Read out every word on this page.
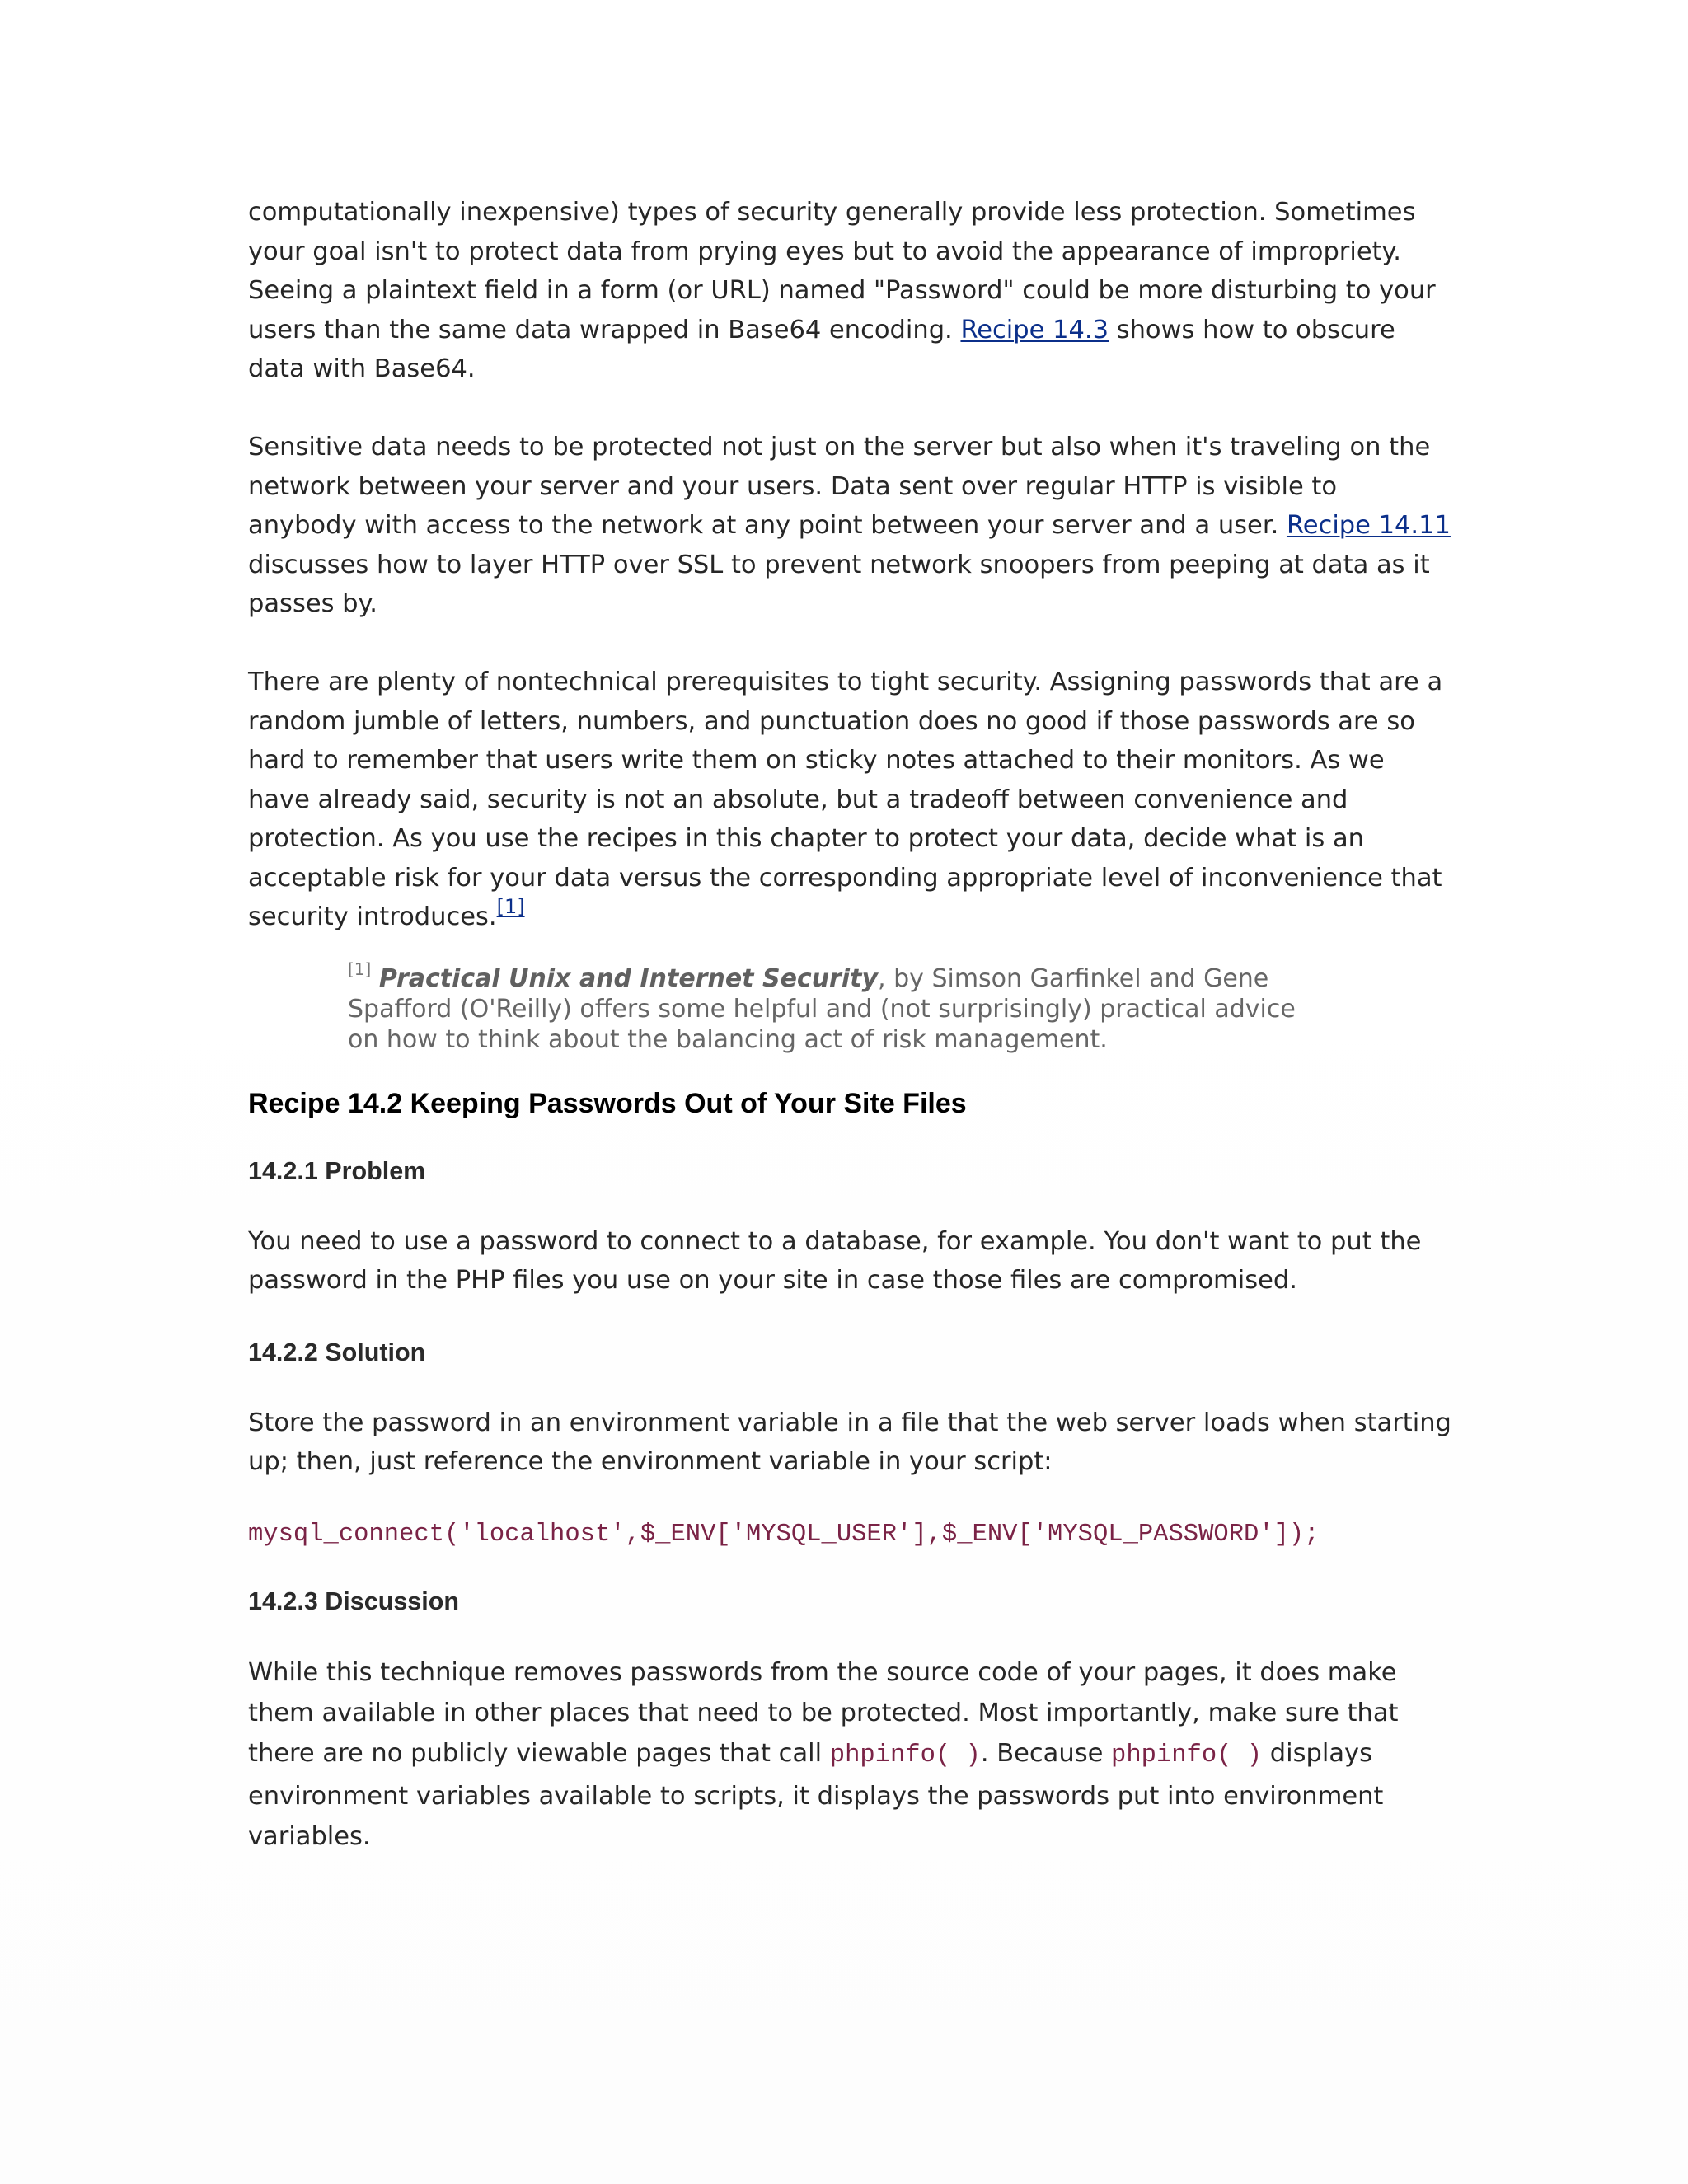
computationally inexpensive) types of security generally provide less protection. Sometimes your goal isn't to protect data from prying eyes but to avoid the appearance of impropriety. Seeing a plaintext field in a form (or URL) named "Password" could be more disturbing to your users than the same data wrapped in Base64 encoding. Recipe 14.3 shows how to obscure data with Base64.

Sensitive data needs to be protected not just on the server but also when it's traveling on the network between your server and your users. Data sent over regular HTTP is visible to anybody with access to the network at any point between your server and a user. Recipe 14.11 discusses how to layer HTTP over SSL to prevent network snoopers from peeping at data as it passes by.

There are plenty of nontechnical prerequisites to tight security. Assigning passwords that are a random jumble of letters, numbers, and punctuation does no good if those passwords are so hard to remember that users write them on sticky notes attached to their monitors. As we have already said, security is not an absolute, but a tradeoff between convenience and protection. As you use the recipes in this chapter to protect your data, decide what is an acceptable risk for your data versus the corresponding appropriate level of inconvenience that security introduces.[1]

[1] Practical Unix and Internet Security, by Simson Garfinkel and Gene Spafford (O'Reilly) offers some helpful and (not surprisingly) practical advice on how to think about the balancing act of risk management.

Recipe 14.2 Keeping Passwords Out of Your Site Files
14.2.1 Problem

You need to use a password to connect to a database, for example. You don't want to put the password in the PHP files you use on your site in case those files are compromised.

14.2.2 Solution

Store the password in an environment variable in a file that the web server loads when starting up; then, just reference the environment variable in your script:

mysql_connect('localhost',$_ENV['MYSQL_USER'],$_ENV['MYSQL_PASSWORD']);
14.2.3 Discussion

While this technique removes passwords from the source code of your pages, it does make them available in other places that need to be protected. Most importantly, make sure that there are no publicly viewable pages that call phpinfo( ). Because phpinfo( ) displays environment variables available to scripts, it displays the passwords put into environment variables.
